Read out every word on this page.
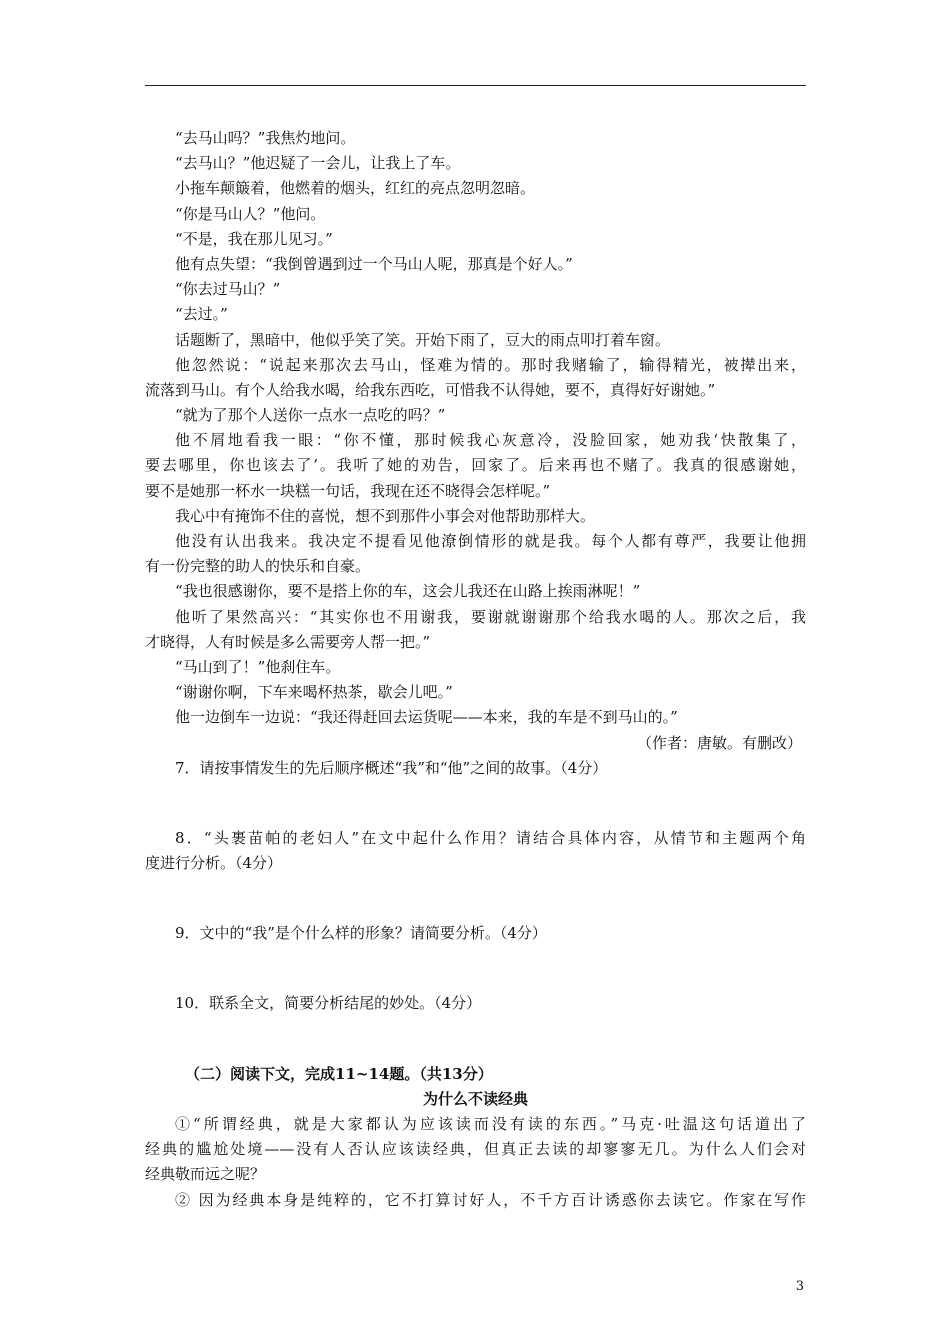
“去马山吗？”我焦灼地问。
“去马山？”他迟疑了一会儿，让我上了车。
小拖车颠簸着，他燃着的烟头，红红的亮点忽明忽暗。
“你是马山人？”他问。
“不是，我在那儿见习。”
他有点失望：“我倒曾遇到过一个马山人呢，那真是个好人。”
“你去过马山？”
“去过。”
话题断了，黑暗中，他似乎笑了笑。开始下雨了，豆大的雨点叩打着车窗。
他忽然说：“说起来那次去马山，怪难为情的。那时我赌输了，输得精光，被撵出来，
流落到马山。有个人给我水喝，给我东西吃，可惜我不认得她，要不，真得好好谢她。”
“就为了那个人送你一点水一点吃的吗？”
他不屑地看我一眼：“你不懂，那时候我心灰意冷，没脸回家，她劝我‘快散集了，
要去哪里，你也该去了’。我听了她的劝告，回家了。后来再也不赌了。我真的很感谢她，
要不是她那一杯水一块糕一句话，我现在还不晓得会怎样呢。”
我心中有掩饰不住的喜悦，想不到那件小事会对他帮助那样大。
他没有认出我来。我决定不提看见他潦倒情形的就是我。每个人都有尊严，我要让他拥
有一份完整的助人的快乐和自豪。
“我也很感谢你，要不是搭上你的车，这会儿我还在山路上挨雨淋呢！”
他听了果然高兴：“其实你也不用谢我，要谢就谢谢那个给我水喝的人。那次之后，我
才晓得，人有时候是多么需要旁人帮一把。”
“马山到了！”他刹住车。
“谢谢你啊，下车来喝杯热茶，歇会儿吧。”
他一边倒车一边说：“我还得赶回去运货呢——本来，我的车是不到马山的。”
（作者：唐敏。有删改）
7．请按事情发生的先后顺序概述“我”和“他”之间的故事。（4分）
8．“头裹苗帕的老妇人”在文中起什么作用？请结合具体内容，从情节和主题两个角
度进行分析。（4分）
9．文中的“我”是个什么样的形象？请简要分析。（4分）
10．联系全文，简要分析结尾的妙处。（4分）
（二）阅读下文，完成11~14题。（共13分）
为什么不读经典
①“所谓经典，就是大家都认为应该读而没有读的东西。”马克·吐温这句话道出了
经典的尴尬处境——没有人否认应该读经典，但真正去读的却寥寥无几。为什么人们会对
经典敬而远之呢？
② 因为经典本身是纯粹的，它不打算讨好人，不千方百计诱惑你去读它。作家在写作
3
